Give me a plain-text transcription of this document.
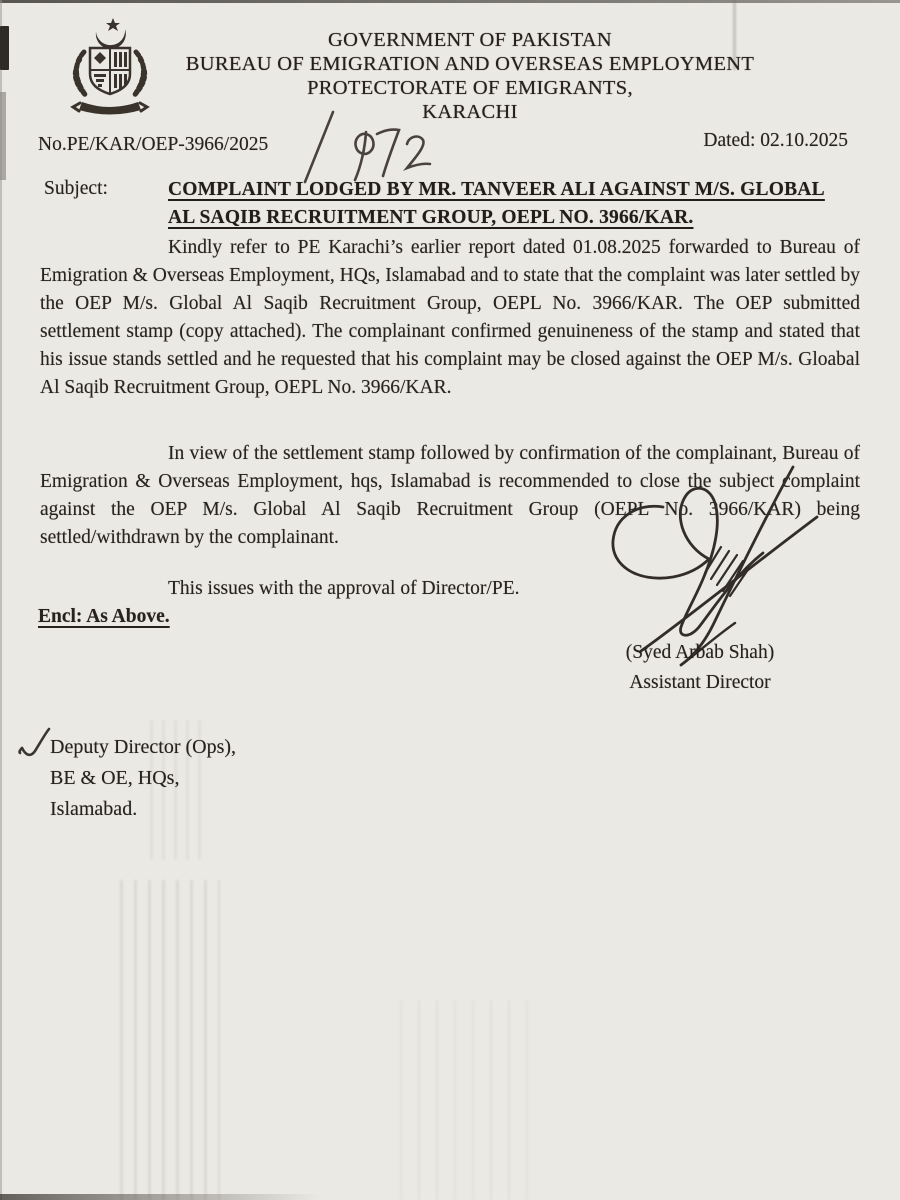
GOVERNMENT OF PAKISTAN
BUREAU OF EMIGRATION AND OVERSEAS EMPLOYMENT
PROTECTORATE OF EMIGRANTS,
KARACHI
No.PE/KAR/OEP-3966/2025	Dated: 02.10.2025
Subject:	COMPLAINT LODGED BY MR. TANVEER ALI AGAINST M/S. GLOBAL
AL SAQIB RECRUITMENT GROUP, OEPL NO. 3966/KAR.
Kindly refer to PE Karachi’s earlier report dated 01.08.2025 forwarded to Bureau of Emigration & Overseas Employment, HQs, Islamabad and to state that the complaint was later settled by the OEP M/s. Global Al Saqib Recruitment Group, OEPL No. 3966/KAR. The OEP submitted settlement stamp (copy attached). The complainant confirmed genuineness of the stamp and stated that his issue stands settled and he requested that his complaint may be closed against the OEP M/s. Gloabal Al Saqib Recruitment Group, OEPL No. 3966/KAR.
In view of the settlement stamp followed by confirmation of the complainant, Bureau of Emigration & Overseas Employment, hqs, Islamabad is recommended to close the subject complaint against the OEP M/s. Global Al Saqib Recruitment Group (OEPL No. 3966/KAR) being settled/withdrawn by the complainant.
This issues with the approval of Director/PE.
Encl: As Above.
(Syed Arbab Shah)
Assistant Director
Deputy Director (Ops),
BE & OE, HQs,
Islamabad.
